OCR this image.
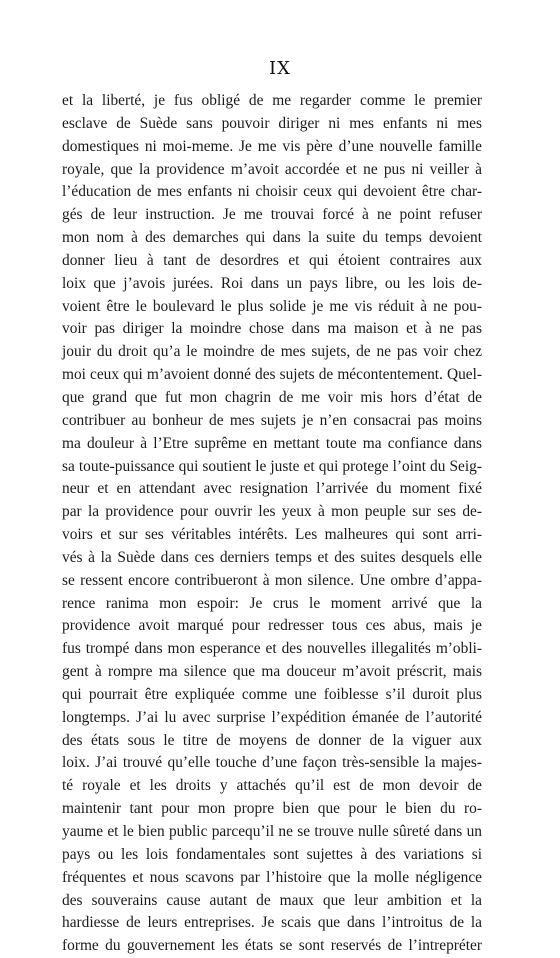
IX
et la liberté, je fus obligé de me regarder comme le premier
esclave de Suède sans pouvoir diriger ni mes enfants ni mes
domestiques ni moi-meme. Je me vis père d’une nouvelle famille
royale, que la providence m’avoit accordée et ne pus ni veiller à
l’éducation de mes enfants ni choisir ceux qui devoient être char-
gés de leur instruction. Je me trouvai forcé à ne point refuser
mon nom à des demarches qui dans la suite du temps devoient
donner lieu à tant de desordres et qui étoient contraires aux
loix que j’avois jurées. Roi dans un pays libre, ou les lois de-
voient être le boulevard le plus solide je me vis réduit à ne pou-
voir pas diriger la moindre chose dans ma maison et à ne pas
jouir du droit qu’a le moindre de mes sujets, de ne pas voir chez
moi ceux qui m’avoient donné des sujets de mécontentement. Quel-
que grand que fut mon chagrin de me voir mis hors d’état de
contribuer au bonheur de mes sujets je n’en consacrai pas moins
ma douleur à l’Etre suprême en mettant toute ma confiance dans
sa toute-puissance qui soutient le juste et qui protege l’oint du Seig-
neur et en attendant avec resignation l’arrivée du moment fixé
par la providence pour ouvrir les yeux à mon peuple sur ses de-
voirs et sur ses véritables intérêts. Les malheures qui sont arri-
vés à la Suède dans ces derniers temps et des suites desquels elle
se ressent encore contribueront à mon silence. Une ombre d’appa-
rence ranima mon espoir: Je crus le moment arrivé que la
providence avoit marqué pour redresser tous ces abus, mais je
fus trompé dans mon esperance et des nouvelles illegalités m’obli-
gent à rompre ma silence que ma douceur m’avoit préscrit, mais
qui pourrait être expliquée comme une foiblesse s’il duroit plus
longtemps. J’ai lu avec surprise l’expédition émanée de l’autorité
des états sous le titre de moyens de donner de la viguer aux
loix. J’ai trouvé qu’elle touche d’une façon très-sensible la majes-
té royale et les droits y attachés qu’il est de mon devoir de
maintenir tant pour mon propre bien que pour le bien du ro-
yaume et le bien public parcequ’il ne se trouve nulle sûreté dans un
pays ou les lois fondamentales sont sujettes à des variations si
fréquentes et nous scavons par l’histoire que la molle négligence
des souverains cause autant de maux que leur ambition et la
hardiesse de leurs entreprises. Je scais que dans l’introitus de la
forme du gouvernement les états se sont reservés de l’intrepréter
